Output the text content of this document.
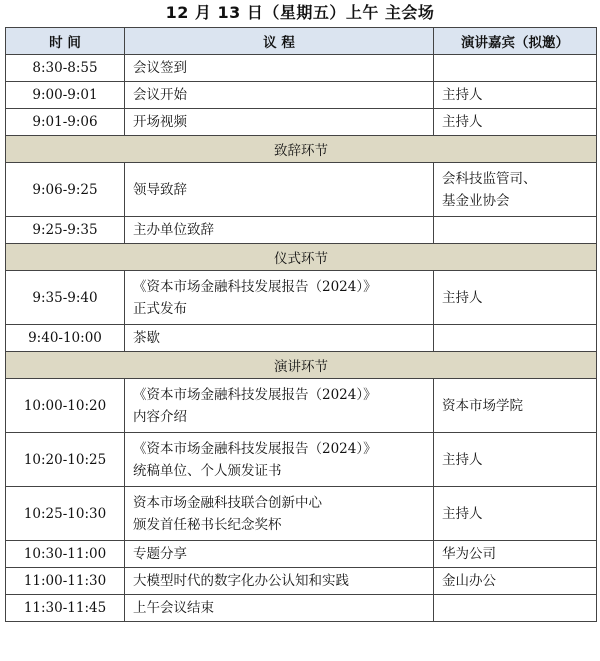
12 月 13 日（星期五）上午 主会场
时 间	议 程	演讲嘉宾（拟邀）
8:30-8:55	会议签到	

9:00-9:01	会议开始	主持人

9:01-9:06	开场视频	主持人

致辞环节		
9:06-9:25	领导致辞	会科技监管司、
基金业协会

9:25-9:35	主办单位致辞	

仪式环节		
9:35-9:40	《资本市场金融科技发展报告（2024）》
正式发布	主持人

9:40-10:00	茶歇	

演讲环节		
10:00-10:20	《资本市场金融科技发展报告（2024）》
内容介绍	资本市场学院

10:20-10:25	《资本市场金融科技发展报告（2024）》
统稿单位、个人颁发证书	主持人

10:25-10:30	资本市场金融科技联合创新中心
颁发首任秘书长纪念奖杯	主持人

10:30-11:00	专题分享	华为公司

11:00-11:30	大模型时代的数字化办公认知和实践	金山办公

11:30-11:45	上午会议结束	
